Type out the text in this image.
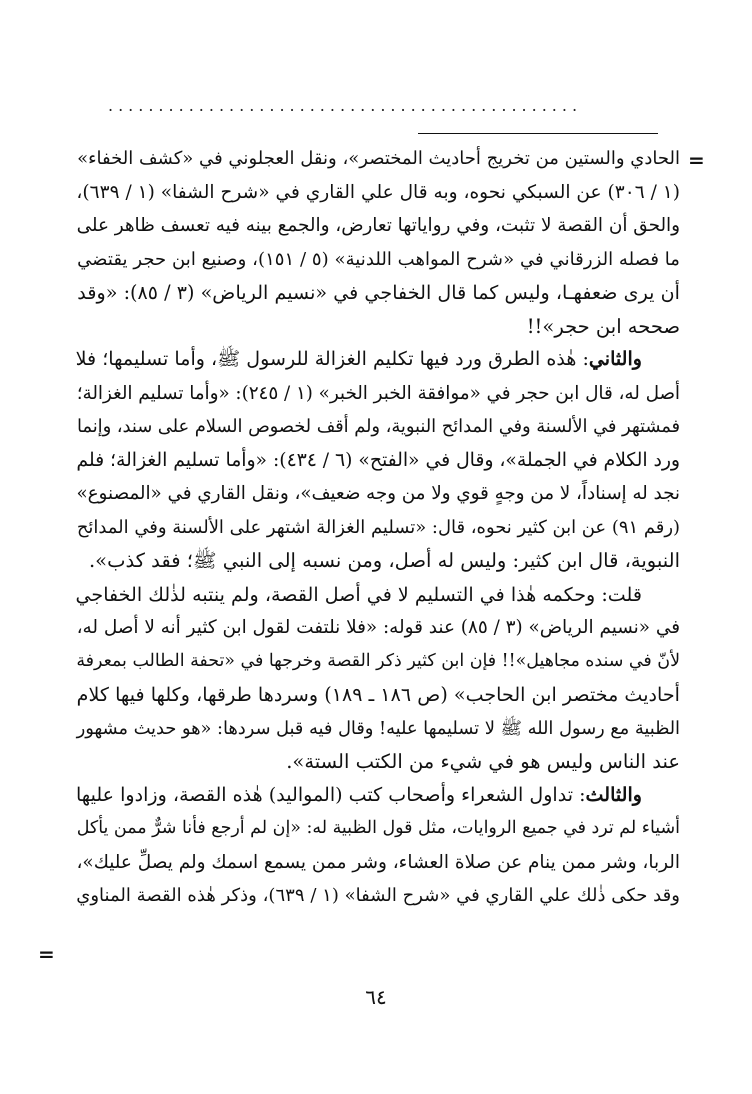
...............................................
=
الحادي والستين من تخريج أحاديث المختصر»، ونقل العجلوني في «كشف الخفاء»
(١ / ٣٠٦) عن السبكي نحوه، وبه قال علي القاري في «شرح الشفا» (١ / ٦٣٩)،
والحق أن القصة لا تثبت، وفي رواياتها تعارض، والجمع بينه فيه تعسف ظاهر على
ما فصله الزرقاني في «شرح المواهب اللدنية» (٥ / ١٥١)، وصنيع ابن حجر يقتضي
أن يرى ضعفهـا، وليس كما قال الخفاجي في «نسيم الرياض» (٣ / ٨٥): «وقد
صححه ابن حجر»!!
والثاني: هٰذه الطرق ورد فيها تكليم الغزالة للرسول ﷺ، وأما تسليمها؛ فلا
أصل له، قال ابن حجر في «موافقة الخبر الخبر» (١ / ٢٤٥): «وأما تسليم الغزالة؛
فمشتهر في الألسنة وفي المدائح النبوية، ولم أقف لخصوص السلام على سند، وإنما
ورد الكلام في الجملة»، وقال في «الفتح» (٦ / ٤٣٤): «وأما تسليم الغزالة؛ فلم
نجد له إسناداً، لا من وجهٍ قوي ولا من وجه ضعيف»، ونقل القاري في «المصنوع»
(رقم ٩١) عن ابن كثير نحوه، قال: «تسليم الغزالة اشتهر على الألسنة وفي المدائح
النبوية، قال ابن كثير: وليس له أصل، ومن نسبه إلى النبي ﷺ؛ فقد كذب».
قلت: وحكمه هٰذا في التسليم لا في أصل القصة، ولم ينتبه لذٰلك الخفاجي
في «نسيم الرياض» (٣ / ٨٥) عند قوله: «فلا نلتفت لقول ابن كثير أنه لا أصل له،
لأنّ في سنده مجاهيل»!! فإن ابن كثير ذكر القصة وخرجها في «تحفة الطالب بمعرفة
أحاديث مختصر ابن الحاجب» (ص ١٨٦ ـ ١٨٩) وسردها طرقها، وكلها فيها كلام
الظبية مع رسول الله ﷺ لا تسليمها عليه! وقال فيه قبل سردها: «هو حديث مشهور
عند الناس وليس هو في شيء من الكتب الستة».
والثالث: تداول الشعراء وأصحاب كتب (المواليد) هٰذه القصة، وزادوا عليها
أشياء لم ترد في جميع الروايات، مثل قول الظبية له: «إن لم أرجع فأنا شرٌّ ممن يأكل
الربا، وشر ممن ينام عن صلاة العشاء، وشر ممن يسمع اسمك ولم يصلِّ عليك»،
وقد حكى ذٰلك علي القاري في «شرح الشفا» (١ / ٦٣٩)، وذكر هٰذه القصة المناوي
=
٦٤
